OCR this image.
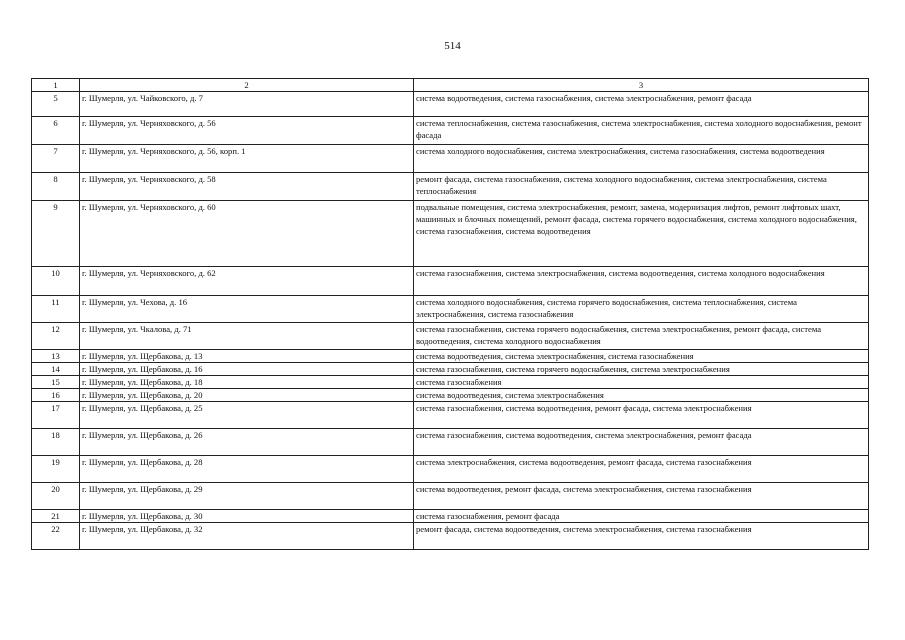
514
1	2	3
5	г. Шумерля, ул. Чайковского, д. 7	система водоотведения, система газоснабжения, система электроснабжения, ремонт фасада
6	г. Шумерля, ул. Черняховского, д. 56	система теплоснабжения, система газоснабжения, система электроснабжения, система холодного водоснабжения, ремонт фасада
7	г. Шумерля, ул. Черняховского, д. 56, корп. 1	система холодного водоснабжения, система электроснабжения, система газоснабжения, система водоотведения
8	г. Шумерля, ул. Черняховского, д. 58	ремонт фасада, система газоснабжения, система холодного водоснабжения, система электроснабжения, система теплоснабжения
9	г. Шумерля, ул. Черняховского, д. 60	подвальные помещения, система электроснабжения, ремонт, замена, модернизация лифтов, ремонт лифтовых шахт, машинных и блочных помещений, ремонт фасада, система горячего водоснабжения, система холодного водоснабжения, система газоснабжения, система водоотведения
10	г. Шумерля, ул. Черняховского, д. 62	система газоснабжения, система электроснабжения, система водоотведения, система холодного водоснабжения
11	г. Шумерля, ул. Чехова, д. 16	система холодного водоснабжения, система горячего водоснабжения, система теплоснабжения, система электроснабжения, система газоснабжения
12	г. Шумерля, ул. Чкалова, д. 71	система газоснабжения, система горячего водоснабжения, система электроснабжения, ремонт фасада, система водоотведения, система холодного водоснабжения
13	г. Шумерля, ул. Щербакова, д. 13	система водоотведения, система электроснабжения, система газоснабжения
14	г. Шумерля, ул. Щербакова, д. 16	система газоснабжения, система горячего водоснабжения, система электроснабжения
15	г. Шумерля, ул. Щербакова, д. 18	система газоснабжения
16	г. Шумерля, ул. Щербакова, д. 20	система водоотведения, система электроснабжения
17	г. Шумерля, ул. Щербакова, д. 25	система газоснабжения, система водоотведения, ремонт фасада, система электроснабжения
18	г. Шумерля, ул. Щербакова, д. 26	система газоснабжения, система водоотведения, система электроснабжения, ремонт фасада
19	г. Шумерля, ул. Щербакова, д. 28	система электроснабжения, система водоотведения, ремонт фасада, система газоснабжения
20	г. Шумерля, ул. Щербакова, д. 29	система водоотведения, ремонт фасада, система электроснабжения, система газоснабжения
21	г. Шумерля, ул. Щербакова, д. 30	система газоснабжения, ремонт фасада
22	г. Шумерля, ул. Щербакова, д. 32	ремонт фасада, система водоотведения, система электроснабжения, система газоснабжения
